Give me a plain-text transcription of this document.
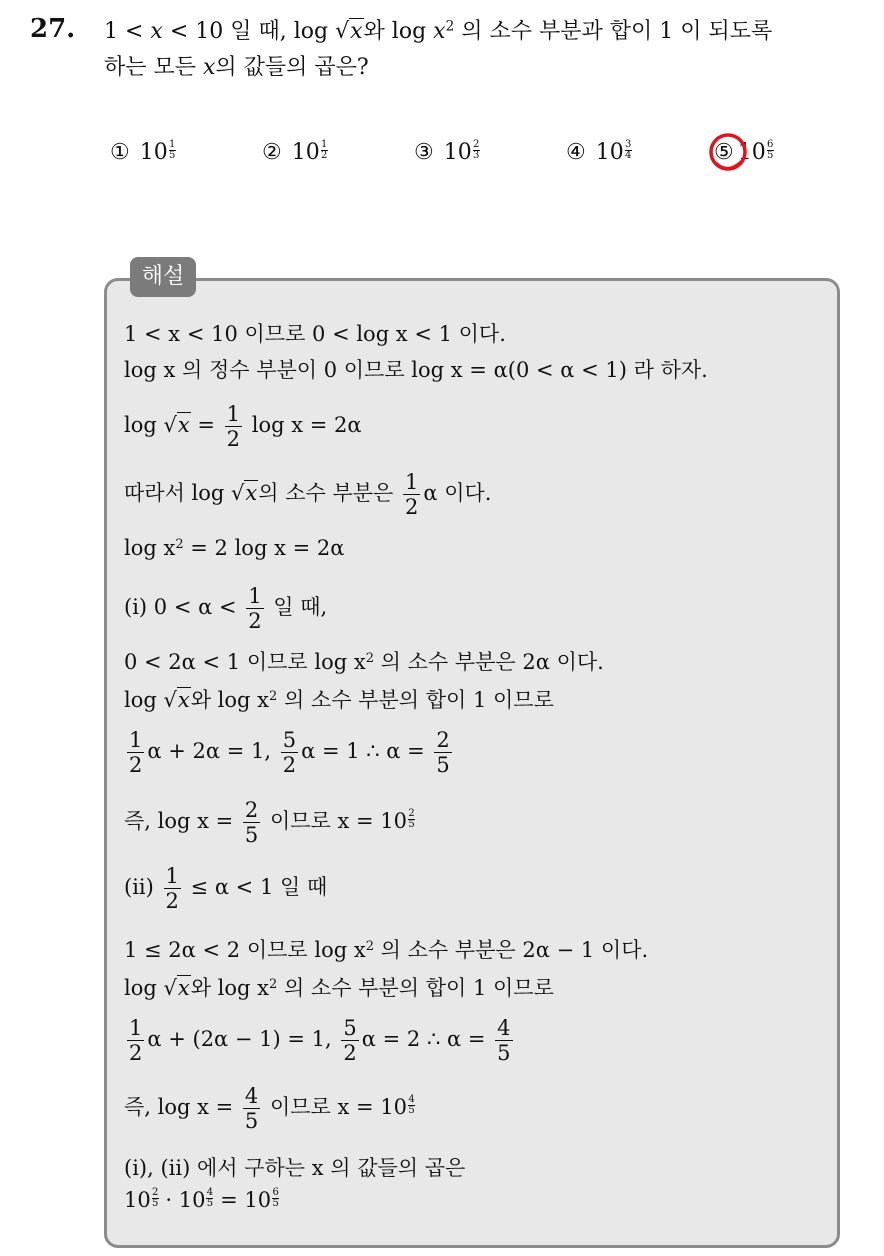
27. 1 < x < 10 일 때, log √x와 $\log x^2$ 의 소수 부분과 합이 1 이 되도록
하는 모든 x의 값들의 곱은?
① $10 \frac{1}{5}$	② $10 \frac{1}{2}$	③ $10 \frac{2}{3}$	④ $10 \frac{3}{4}$	⑤ $10 \frac{6}{5}$
해설
1 < x < 10 이므로 0 < log x < 1 이다.
log x 의 정수 부분이 0 이므로 log x = α(0 < α < 1) 라 하자.
$\log √x = \frac{1}{2}$ log x = 2α
따라서 log √x의 소수 부분은 $\frac{1}{2}$ α 이다.
$\log x^2 = 2$ log x = 2α
(i) $0 < \alpha < \frac{1}{2}$ 일 때,
0 < 2α < 1 이므로 $\log x^2$ 의 소수 부분은 2α 이다.
log √x와 $\log x^2$ 의 소수 부분의 합이 1 이므로
$\frac{1}{2}$ α + 2α = 1, $\frac{5}{2}$ α = 1 ∴ $\alpha = \frac{2}{5}$
즉, $\log x = \frac{2}{5}$ 이므로 $x = 10 \frac{2}{5}$
$(ii) \frac{1}{2} \le \alpha < 1$ 일 때
1 ≤ 2α < 2 이므로 $\log x^2$ 의 소수 부분은 2α − 1 이다.
log √x와 $\log x^2$ 의 소수 부분의 합이 1 이므로
$\frac{1}{2}$ α + (2α − 1) = 1, $\frac{5}{2}$ α = 2 ∴ $\alpha = \frac{4}{5}$
즉, $\log x = \frac{4}{5}$ 이므로 $x = 10 \frac{4}{5}$
(i), (ii) 에서 구하는 x 의 값들의 곱은
$10 \frac{2}{5} \cdot 10 \frac{4}{5} = 10 \frac{6}{5}$
